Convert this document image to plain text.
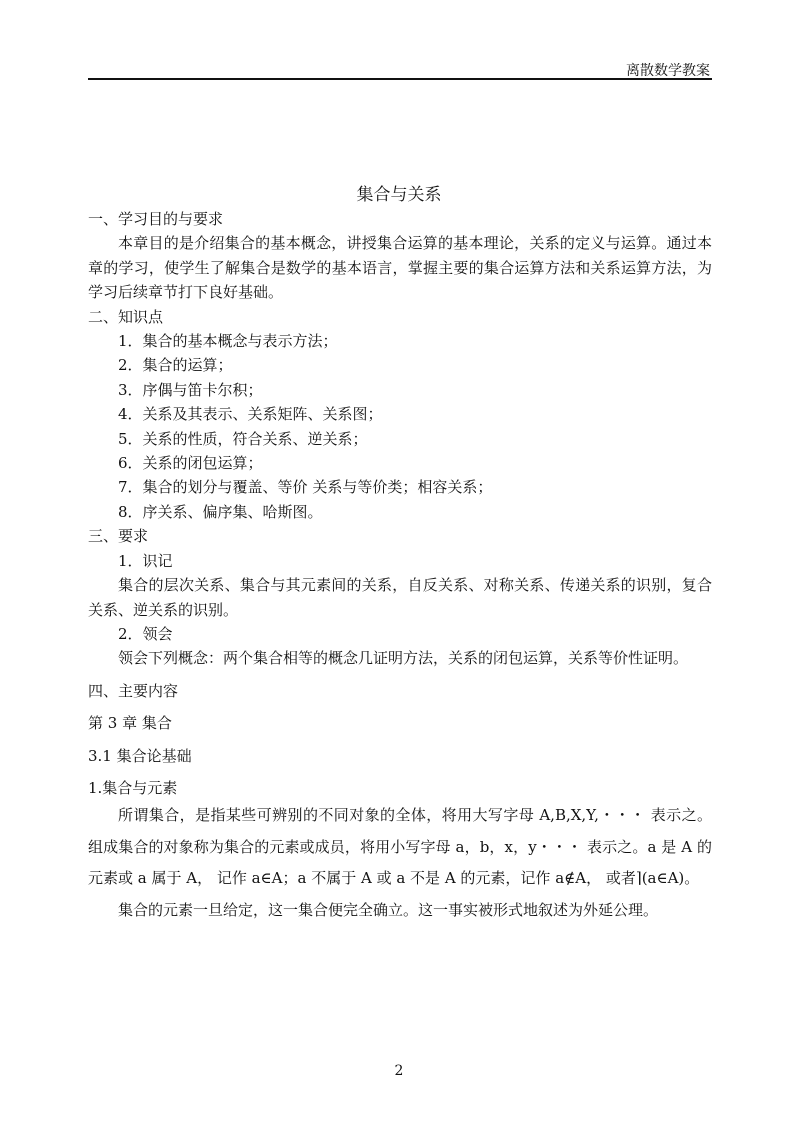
离散数学教案
集合与关系

一、学习目的与要求

本章目的是介绍集合的基本概念，讲授集合运算的基本理论，关系的定义与运算。通过本章的学习，使学生了解集合是数学的基本语言，掌握主要的集合运算方法和关系运算方法，为学习后续章节打下良好基础。

二、知识点

1．集合的基本概念与表示方法；

2．集合的运算；

3．序偶与笛卡尔积；

4．关系及其表示、关系矩阵、关系图；

5．关系的性质，符合关系、逆关系；

6．关系的闭包运算；

7．集合的划分与覆盖、等价 关系与等价类；相容关系；

8．序关系、偏序集、哈斯图。

三、要求

1．识记

集合的层次关系、集合与其元素间的关系，自反关系、对称关系、传递关系的识别，复合关系、逆关系的识别。

2．领会

领会下列概念：两个集合相等的概念几证明方法，关系的闭包运算，关系等价性证明。

四、主要内容

第 3 章 集合

3.1 集合论基础

1.集合与元素

所谓集合，是指某些可辨别的不同对象的全体，将用大写字母 A,B,X,Y,・・・ 表示之。组成集合的对象称为集合的元素或成员，将用小写字母 a，b，x，y・・・ 表示之。a 是 A 的元素或 a 属于 A， 记作 a∈A；a 不属于 A 或 a 不是 A 的元素，记作 a∉A， 或者⌉(a∈A)。

集合的元素一旦给定，这一集合便完全确立。这一事实被形式地叙述为外延公理。

2
